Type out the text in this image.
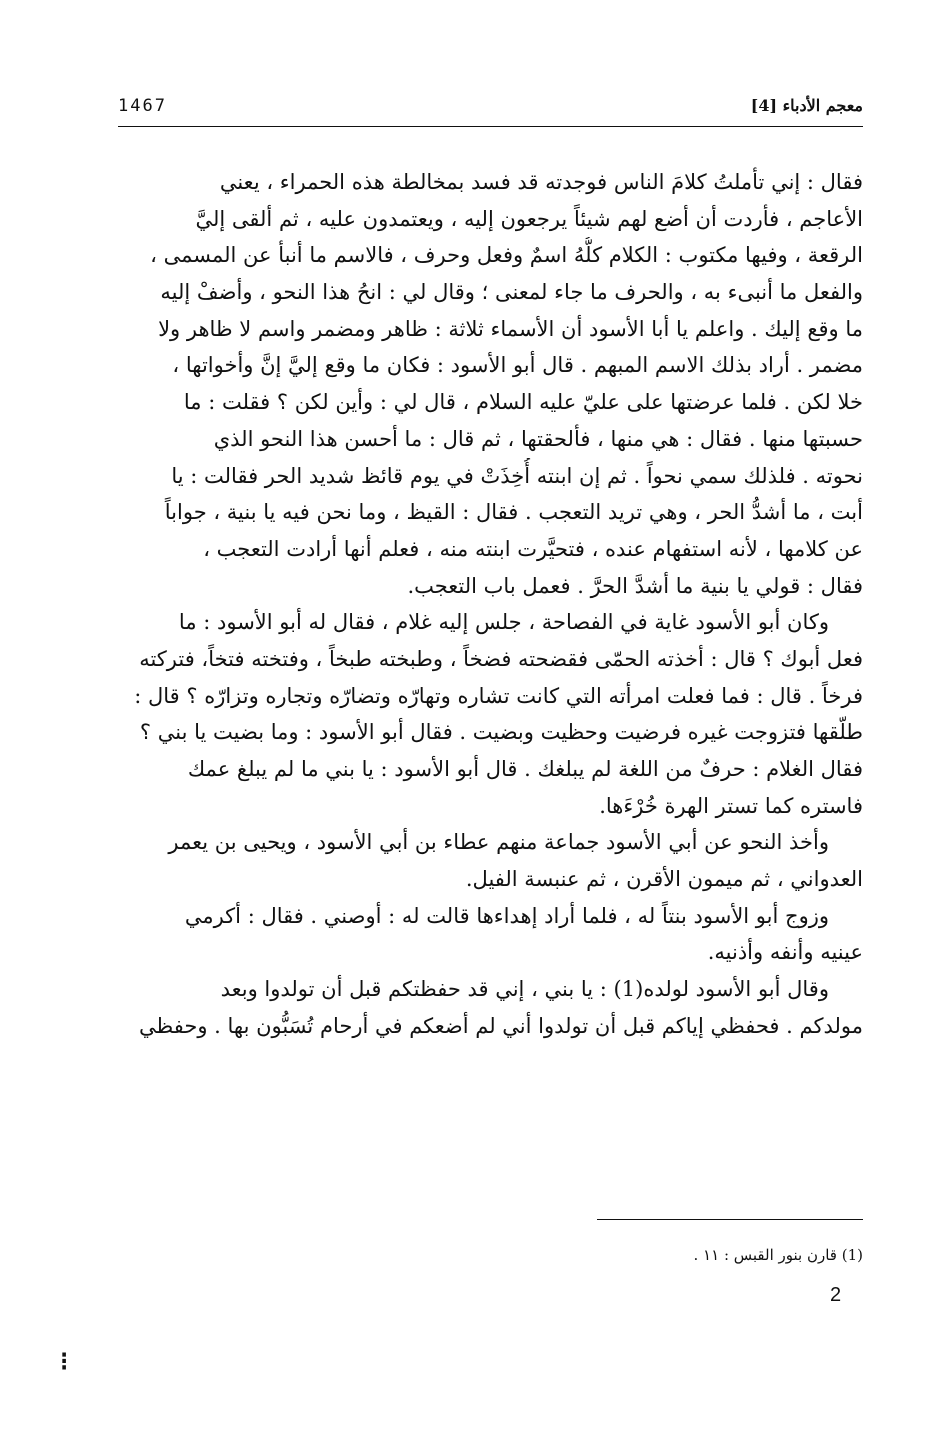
1467	معجم الأدباء [4]
فقال : إني تأملتُ كلامَ الناس فوجدته قد فسد بمخالطة هذه الحمراء ، يعني
الأعاجم ، فأردت أن أضع لهم شيئاً يرجعون إليه ، ويعتمدون عليه ، ثم ألقى إليَّ
الرقعة ، وفيها مكتوب : الكلام كلُّهُ اسمٌ وفعل وحرف ، فالاسم ما أنبأ عن المسمى ،
والفعل ما أنبىء به ، والحرف ما جاء لمعنى ؛ وقال لي : انحُ هذا النحو ، وأضفْ إليه
ما وقع إليك . واعلم يا أبا الأسود أن الأسماء ثلاثة : ظاهر ومضمر واسم لا ظاهر ولا
مضمر . أراد بذلك الاسم المبهم . قال أبو الأسود : فكان ما وقع إليَّ إنَّ وأخواتها ،
خلا لكن . فلما عرضتها على عليّ عليه السلام ، قال لي : وأين لكن ؟ فقلت : ما
حسبتها منها . فقال : هي منها ، فألحقتها ، ثم قال : ما أحسن هذا النحو الذي
نحوته . فلذلك سمي نحواً . ثم إن ابنته أُخِذَتْ في يوم قائظ شديد الحر فقالت : يا
أبت ، ما أشدُّ الحر ، وهي تريد التعجب . فقال : القيظ ، وما نحن فيه يا بنية ، جواباً
عن كلامها ، لأنه استفهام عنده ، فتحيَّرت ابنته منه ، فعلم أنها أرادت التعجب ،
فقال : قولي يا بنية ما أشدَّ الحرَّ . فعمل باب التعجب.
وكان أبو الأسود غاية في الفصاحة ، جلس إليه غلام ، فقال له أبو الأسود : ما
فعل أبوك ؟ قال : أخذته الحمّى فقضحته فضخاً ، وطبخته طبخاً ، وفتخته فتخاً، فتركته
فرخاً . قال : فما فعلت امرأته التي كانت تشاره وتهارّه وتضارّه وتجاره وتزارّه ؟ قال :
طلّقها فتزوجت غيره فرضيت وحظيت وبضيت . فقال أبو الأسود : وما بضيت يا بني ؟
فقال الغلام : حرفٌ من اللغة لم يبلغك . قال أبو الأسود : يا بني ما لم يبلغ عمك
فاستره كما تستر الهرة خُرْءَها.
وأخذ النحو عن أبي الأسود جماعة منهم عطاء بن أبي الأسود ، ويحيى بن يعمر
العدواني ، ثم ميمون الأقرن ، ثم عنبسة الفيل.
وزوج أبو الأسود بنتاً له ، فلما أراد إهداءها قالت له : أوصني . فقال : أكرمي
عينيه وأنفه وأذنيه.
وقال أبو الأسود لولده(1) : يا بني ، إني قد حفظتكم قبل أن تولدوا وبعد
مولدكم . فحفظي إياكم قبل أن تولدوا أني لم أضعكم في أرحام تُسَبُّون بها . وحفظي
(1) قارن بنور القبس : ١١ .
2
⁝
